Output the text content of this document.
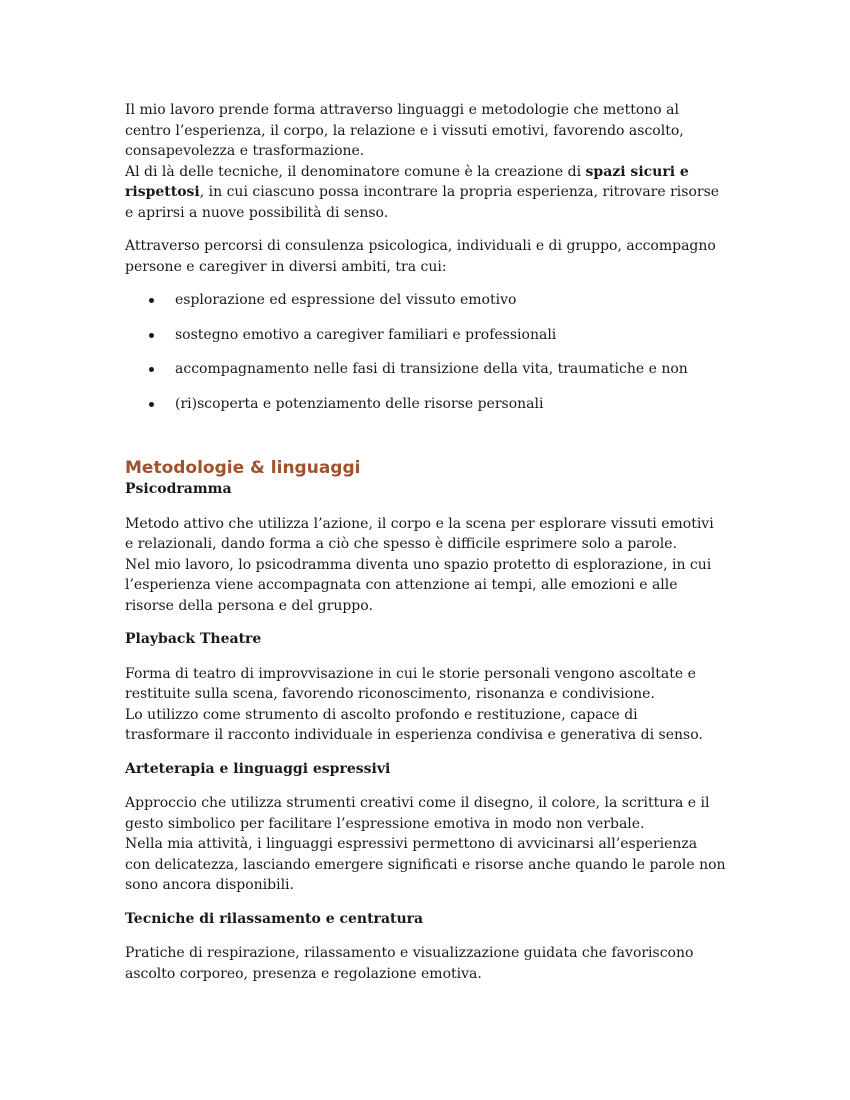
Il mio lavoro prende forma attraverso linguaggi e metodologie che mettono al centro l’esperienza, il corpo, la relazione e i vissuti emotivi, favorendo ascolto, consapevolezza e trasformazione.
Al di là delle tecniche, il denominatore comune è la creazione di spazi sicuri e rispettosi, in cui ciascuno possa incontrare la propria esperienza, ritrovare risorse e aprirsi a nuove possibilità di senso.

Attraverso percorsi di consulenza psicologica, individuali e di gruppo, accompagno persone e caregiver in diversi ambiti, tra cui:

esplorazione ed espressione del vissuto emotivo
sostegno emotivo a caregiver familiari e professionali
accompagnamento nelle fasi di transizione della vita, traumatiche e non
(ri)scoperta e potenziamento delle risorse personali
Metodologie & linguaggi
Psicodramma

Metodo attivo che utilizza l’azione, il corpo e la scena per esplorare vissuti emotivi e relazionali, dando forma a ciò che spesso è difficile esprimere solo a parole.
Nel mio lavoro, lo psicodramma diventa uno spazio protetto di esplorazione, in cui l’esperienza viene accompagnata con attenzione ai tempi, alle emozioni e alle risorse della persona e del gruppo.

Playback Theatre

Forma di teatro di improvvisazione in cui le storie personali vengono ascoltate e restituite sulla scena, favorendo riconoscimento, risonanza e condivisione.
Lo utilizzo come strumento di ascolto profondo e restituzione, capace di trasformare il racconto individuale in esperienza condivisa e generativa di senso.

Arteterapia e linguaggi espressivi

Approccio che utilizza strumenti creativi come il disegno, il colore, la scrittura e il gesto simbolico per facilitare l’espressione emotiva in modo non verbale.
Nella mia attività, i linguaggi espressivi permettono di avvicinarsi all’esperienza con delicatezza, lasciando emergere significati e risorse anche quando le parole non sono ancora disponibili.

Tecniche di rilassamento e centratura

Pratiche di respirazione, rilassamento e visualizzazione guidata che favoriscono ascolto corporeo, presenza e regolazione emotiva.
